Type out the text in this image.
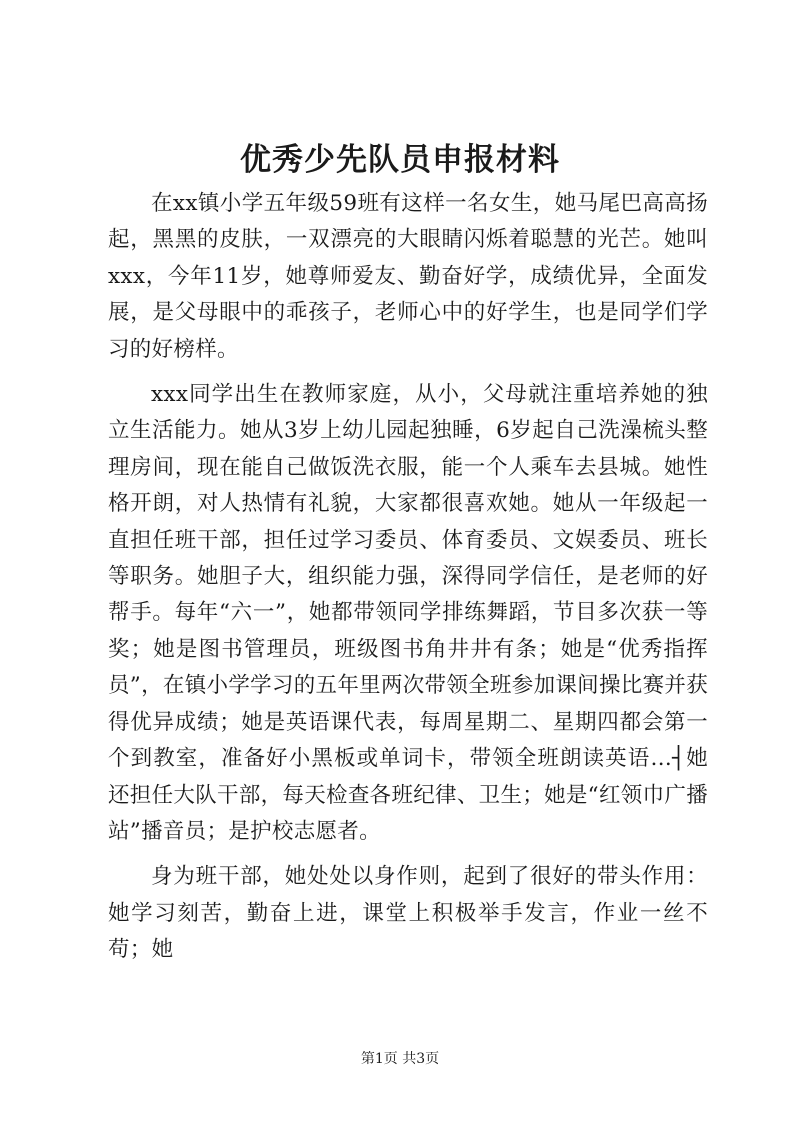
优秀少先队员申报材料

在xx镇小学五年级59班有这样一名女生，她马尾巴高高扬起，黑黑的皮肤，一双漂亮的大眼睛闪烁着聪慧的光芒。她叫xxx，今年11岁，她尊师爱友、勤奋好学，成绩优异，全面发展，是父母眼中的乖孩子，老师心中的好学生，也是同学们学习的好榜样。

xxx同学出生在教师家庭，从小，父母就注重培养她的独立生活能力。她从3岁上幼儿园起独睡，6岁起自己洗澡梳头整理房间，现在能自己做饭洗衣服，能一个人乘车去县城。她性格开朗，对人热情有礼貌，大家都很喜欢她。她从一年级起一直担任班干部，担任过学习委员、体育委员、文娱委员、班长等职务。她胆子大，组织能力强，深得同学信任，是老师的好帮手。每年“六一”，她都带领同学排练舞蹈，节目多次获一等奖；她是图书管理员，班级图书角井井有条；她是“优秀指挥员”，在镇小学学习的五年里两次带领全班参加课间操比赛并获得优异成绩；她是英语课代表，每周星期二、星期四都会第一个到教室，准备好小黑板或单词卡，带领全班朗读英语…┤她还担任大队干部，每天检查各班纪律、卫生；她是“红领巾广播站”播音员；是护校志愿者。

身为班干部，她处处以身作则，起到了很好的带头作用：她学习刻苦，勤奋上进，课堂上积极举手发言，作业一丝不苟；她

第1页 共3页
